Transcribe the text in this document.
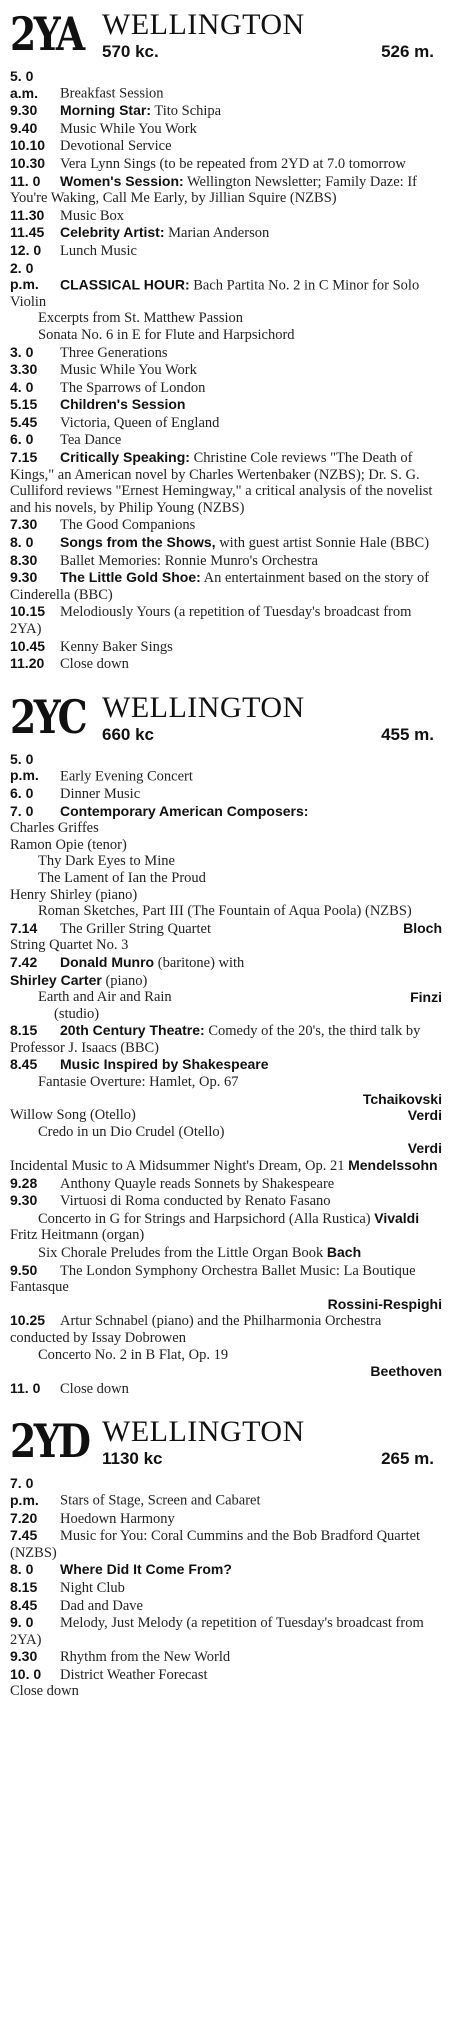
2YA WELLINGTON
570 kc.	526 m.
5. 0 a.m. Breakfast Session
9.30 Morning Star: Tito Schipa
9.40 Music While You Work
10.10 Devotional Service
10.30 Vera Lynn Sings (to be repeated from 2YD at 7.0 tomorrow
11. 0 Women's Session: Wellington Newsletter; Family Daze: If You're Waking, Call Me Early, by Jillian Squire (NZBS)
11.30 Music Box
11.45 Celebrity Artist: Marian Anderson
12. 0 Lunch Music
2. 0 p.m. CLASSICAL HOUR: Bach Partita No. 2 in C Minor for Solo Violin
Excerpts from St. Matthew Passion
Sonata No. 6 in E for Flute and Harpsichord
3. 0 Three Generations
3.30 Music While You Work
4. 0 The Sparrows of London
5.15 Children's Session
5.45 Victoria, Queen of England
6. 0 Tea Dance
7.15 Critically Speaking: Christine Cole reviews "The Death of Kings," an American novel by Charles Wertenbaker (NZBS); Dr. S. G. Culliford reviews "Ernest Hemingway," a critical analysis of the novelist and his novels, by Philip Young (NZBS)
7.30 The Good Companions
8. 0 Songs from the Shows, with guest artist Sonnie Hale (BBC)
8.30 Ballet Memories: Ronnie Munro's Orchestra
9.30 The Little Gold Shoe: An entertainment based on the story of Cinderella (BBC)
10.15 Melodiously Yours (a repetition of Tuesday's broadcast from 2YA)
10.45 Kenny Baker Sings
11.20 Close down
2YC WELLINGTON
660 kc	455 m.
5. 0 p.m. Early Evening Concert
6. 0 Dinner Music
7. 0 Contemporary American Composers:
Charles Griffes
Ramon Opie (tenor)
Thy Dark Eyes to Mine
The Lament of Ian the Proud
Henry Shirley (piano)
Roman Sketches, Part III (The Fountain of Aqua Poola) (NZBS)
7.14 The Griller String Quartet	Bloch
String Quartet No. 3
7.42 Donald Munro (baritone) with
Shirley Carter (piano)
Earth and Air and Rain	Finzi
(studio)
8.15 20th Century Theatre: Comedy of the 20's, the third talk by Professor J. Isaacs (BBC)
8.45 Music Inspired by Shakespeare
Fantasie Overture: Hamlet, Op. 67
Tchaikovski
Willow Song (Otello)	Verdi
Credo in un Dio Crudel (Otello)
Verdi
Incidental Music to A Midsummer Night's Dream, Op. 21 Mendelssohn
9.28 Anthony Quayle reads Sonnets by Shakespeare
9.30 Virtuosi di Roma conducted by Renato Fasano
Concerto in G for Strings and Harpsichord (Alla Rustica) Vivaldi
Fritz Heitmann (organ)
Six Chorale Preludes from the Little Organ Book Bach
9.50 The London Symphony Orchestra Ballet Music: La Boutique Fantasque
Rossini-Respighi
10.25 Artur Schnabel (piano) and the Philharmonia Orchestra conducted by Issay Dobrowen
Concerto No. 2 in B Flat, Op. 19
Beethoven
11. 0 Close down
2YD WELLINGTON
1130 kc	265 m.
7. 0 p.m. Stars of Stage, Screen and Cabaret
7.20 Hoedown Harmony
7.45 Music for You: Coral Cummins and the Bob Bradford Quartet (NZBS)
8. 0 Where Did It Come From?
8.15 Night Club
8.45 Dad and Dave
9. 0 Melody, Just Melody (a repetition of Tuesday's broadcast from 2YA)
9.30 Rhythm from the New World
10. 0 District Weather Forecast
Close down
